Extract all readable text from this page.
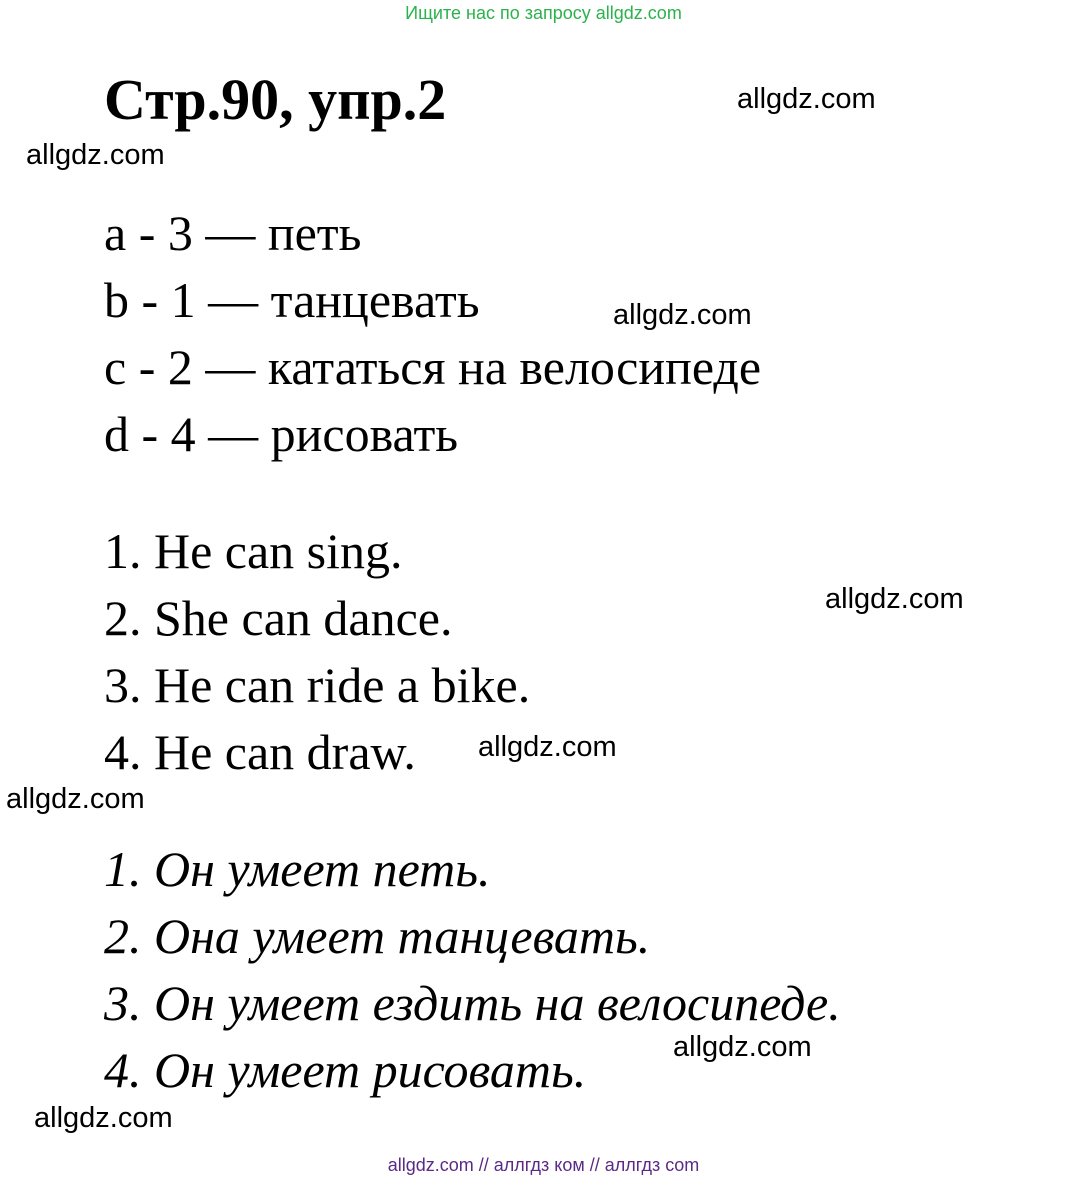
Ищите нас по запросу allgdz.com
Стр.90, упр.2
a - 3 — петь
b - 1 — танцевать
c - 2 — кататься на велосипеде
d - 4 — рисовать
1. He can sing.
2. She can dance.
3. He can ride a bike.
4. He can draw.
1. Он умеет петь.
2. Она умеет танцевать.
3. Он умеет ездить на велосипеде.
4. Он умеет рисовать.
allgdz.com
allgdz.com
allgdz.com
allgdz.com
allgdz.com
allgdz.com
allgdz.com
allgdz.com
allgdz.com // аллгдз ком // аллгдз com
